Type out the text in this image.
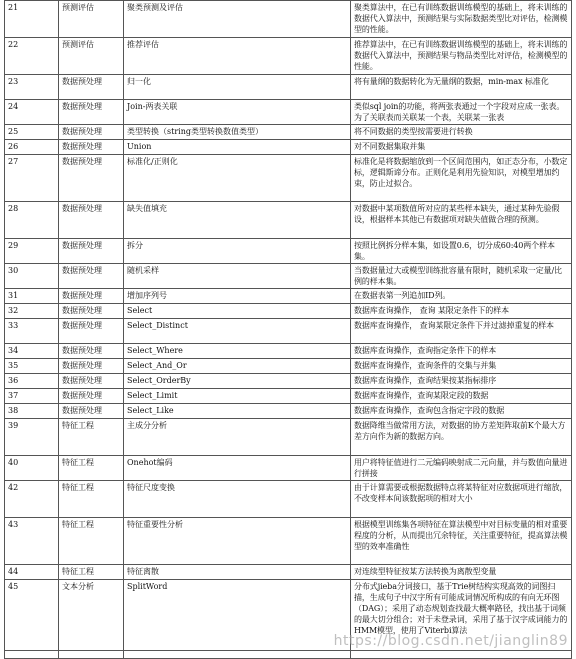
21	预测评估	聚类预测及评估	聚类算法中，在已有训练数据训练模型的基础上，将未训练的数据代入算法中，预测结果与实际数据类型比对评估，检测模型的性能。
22	预测评估	推荐评估	推荐算法中，在已有训练数据训练模型的基础上，将未训练的数据代入算法中，预测结果与物品类型比对评估，检测模型的性能。
23	数据预处理	归一化	将有量纲的数据转化为无量纲的数据，min-max 标准化
24	数据预处理	Join-两表关联	类似sql join的功能，将两张表通过一个字段对应成一张表。为了关联表而关联某一个表，关联某一张表
25	数据预处理	类型转换（string类型转换数值类型）	将不同数据的类型按需要进行转换
26	数据预处理	Union	对不同数据集取并集
27	数据预处理	标准化/正则化	标准化是将数据缩放到一个区间范围内，如正态分布，小数定标，逻辑斯谛分布。正则化是利用先验知识，对模型增加约束，防止过拟合。
28	数据预处理	缺失值填充	对数据中某项数值所对应的某些样本缺失，通过某种先验假设，根据样本其他已有数据项对缺失值做合理的预测。
29	数据预处理	拆分	按照比例拆分样本集，如设置0.6，切分成60:40两个样本集。
30	数据预处理	随机采样	当数据量过大或模型训练批容量有限时，随机采取一定量/比例的样本集。
31	数据预处理	增加序列号	在数据表第一列追加ID列。
32	数据预处理	Select	数据库查询操作， 查询 某限定条件下的样本
33	数据预处理	Select_Distinct	数据库查询操作， 查询某限定条件下并过滤掉重复的样本
34	数据预处理	Select_Where	数据库查询操作，查询指定条件下的样本
35	数据预处理	Select_And_Or	数据库查询操作，查询条件的交集与并集
36	数据预处理	Select_OrderBy	数据库查询操作，查询结果按某指标排序
37	数据预处理	Select_Limit	数据库查询操作，查询某限定段的数据
38	数据预处理	Select_Like	数据库查询操作，查询包含指定字段的数据
39	特征工程	主成分分析	数据降维当做常用方法，对数据的协方差矩阵取前K个最大方差方向作为新的数据方向。
40	特征工程	Onehot编码	用户将特征值进行二元编码映射成二元向量，并与数值向量进行拼接
42	特征工程	特征尺度变换	由于计算需要或根据数据特点将某特征对应数据项进行缩放，不改变样本间该数据项的相对大小
43	特征工程	特征重要性分析	根据模型训练集各项特征在算法模型中对目标变量的相对重要程度的分析，从而提出冗余特征，关注重要特征，提高算法模型的效率准确性
44	特征工程	特征离散	对连续型特征按某方法转换为离散型变量
45	文本分析	SplitWord	分布式jieba分词接口，基于Trie树结构实现高效的词图扫描，生成句子中汉字所有可能成词情况所构成的有向无环图（DAG）；采用了动态规划查找最大概率路径，找出基于词频的最大切分组合；对于未登录词，采用了基于汉字成词能力的HMM模型，使用了Viterbi算法

https://blog.csdn.net/jianglin89
